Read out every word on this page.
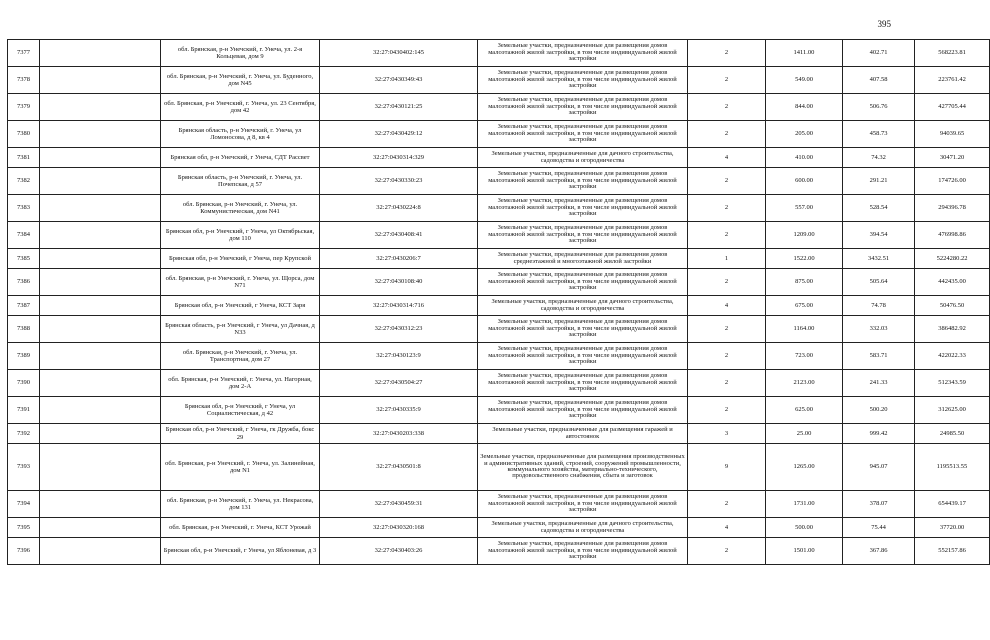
395
7377		обл. Брянская, р-н Унечский, г. Унеча, ул. 2-я Кольцевая, дом 9	32:27:0430402:145	Земельные участки, предназначенные для размещения домов малоэтажной жилой застройки, в том числе индивидуальной жилой застройки	2	1411.00	402.71	568223.81
7378		обл. Брянская, р-н Унечский, г. Унеча, ул. Буденного, дом N45	32:27:0430349:43	Земельные участки, предназначенные для размещения домов малоэтажной жилой застройки, в том числе индивидуальной жилой застройки	2	549.00	407.58	223761.42
7379		обл. Брянская, р-н Унечский, г. Унеча, ул. 23 Сентября, дом 42	32:27:0430121:25	Земельные участки, предназначенные для размещения домов малоэтажной жилой застройки, в том числе индивидуальной жилой застройки	2	844.00	506.76	427705.44
7380		Брянская область, р-н Унечский, г. Унеча, ул Ломоносова, д 8, кв 4	32:27:0430429:12	Земельные участки, предназначенные для размещения домов малоэтажной жилой застройки, в том числе индивидуальной жилой застройки	2	205.00	458.73	94039.65
7381		Брянская обл, р-н Унечский, г Унеча, СДТ Рассвет	32:27:0430314:329	Земельные участки, предназначенные для дачного строительства, садоводства и огородничества	4	410.00	74.32	30471.20
7382		Брянская область, р-н Унечский, г. Унеча, ул. Почепская, д 57	32:27:0430330:23	Земельные участки, предназначенные для размещения домов малоэтажной жилой застройки, в том числе индивидуальной жилой застройки	2	600.00	291.21	174726.00
7383		обл. Брянская, р-н Унечский, г. Унеча, ул. Коммунистическая, дом N41	32:27:0430224:8	Земельные участки, предназначенные для размещения домов малоэтажной жилой застройки, в том числе индивидуальной жилой застройки	2	557.00	528.54	294396.78
7384		Брянская обл, р-н Унечский, г Унеча, ул Октябрьская, дом 110	32:27:0430408:41	Земельные участки, предназначенные для размещения домов малоэтажной жилой застройки, в том числе индивидуальной жилой застройки	2	1209.00	394.54	476998.86
7385		Брянская обл, р-н Унечский, г Унеча, пер Крупской	32:27:0430206:7	Земельные участки, предназначенные для размещения домов среднеэтажной и многоэтажной жилой застройки	1	1522.00	3432.51	5224280.22
7386		обл. Брянская, р-н Унечский, г. Унеча, ул. Щорса, дом N71	32:27:0430108:40	Земельные участки, предназначенные для размещения домов малоэтажной жилой застройки, в том числе индивидуальной жилой застройки	2	875.00	505.64	442435.00
7387		Брянская обл, р-н Унечский, г Унеча, КСТ Заря	32:27:0430314:716	Земельные участки, предназначенные для дачного строительства, садоводства и огородничества	4	675.00	74.78	50476.50
7388		Брянская область, р-н Унечский, г Унеча, ул Дачная, д N33	32:27:0430312:23	Земельные участки, предназначенные для размещения домов малоэтажной жилой застройки, в том числе индивидуальной жилой застройки	2	1164.00	332.03	386482.92
7389		обл. Брянская, р-н Унечский, г. Унеча, ул. Транспортная, дом 27	32:27:0430123:9	Земельные участки, предназначенные для размещения домов малоэтажной жилой застройки, в том числе индивидуальной жилой застройки	2	723.00	583.71	422022.33
7390		обл. Брянская, р-н Унечский, г. Унеча, ул. Нагорная, дом 2-А	32:27:0430504:27	Земельные участки, предназначенные для размещения домов малоэтажной жилой застройки, в том числе индивидуальной жилой застройки	2	2123.00	241.33	512343.59
7391		Брянская обл, р-н Унечский, г Унеча, ул Социалистическая, д 42	32:27:0430335:9	Земельные участки, предназначенные для размещения домов малоэтажной жилой застройки, в том числе индивидуальной жилой застройки	2	625.00	500.20	312625.00
7392		Брянская обл, р-н Унечский, г Унеча, гк Дружба, бокс 29	32:27:0430203:338	Земельные участки, предназначенные для размещения гаражей и автостоянок	3	25.00	999.42	24985.50
7393		обл. Брянская, р-н Унечский, г. Унеча, ул. Залинейная, дом N1	32:27:0430501:8	Земельные участки, предназначенные для размещения производственных и административных зданий, строений, сооружений промышленности, коммунального хозяйства, материально-технического, продовольственного снабжения, сбыта и заготовок	9	1265.00	945.07	1195513.55
7394		обл. Брянская, р-н Унечский, г. Унеча, ул. Некрасова, дом 131	32:27:0430459:31	Земельные участки, предназначенные для размещения домов малоэтажной жилой застройки, в том числе индивидуальной жилой застройки	2	1731.00	378.07	654439.17
7395		обл. Брянская, р-н Унечский, г. Унеча, КСТ Урожай	32:27:0430320:168	Земельные участки, предназначенные для дачного строительства, садоводства и огородничества	4	500.00	75.44	37720.00
7396		Брянская обл, р-н Унечский, г Унеча, ул Яблоневая, д 3	32:27:0430403:26	Земельные участки, предназначенные для размещения домов малоэтажной жилой застройки, в том числе индивидуальной жилой застройки	2	1501.00	367.86	552157.86
